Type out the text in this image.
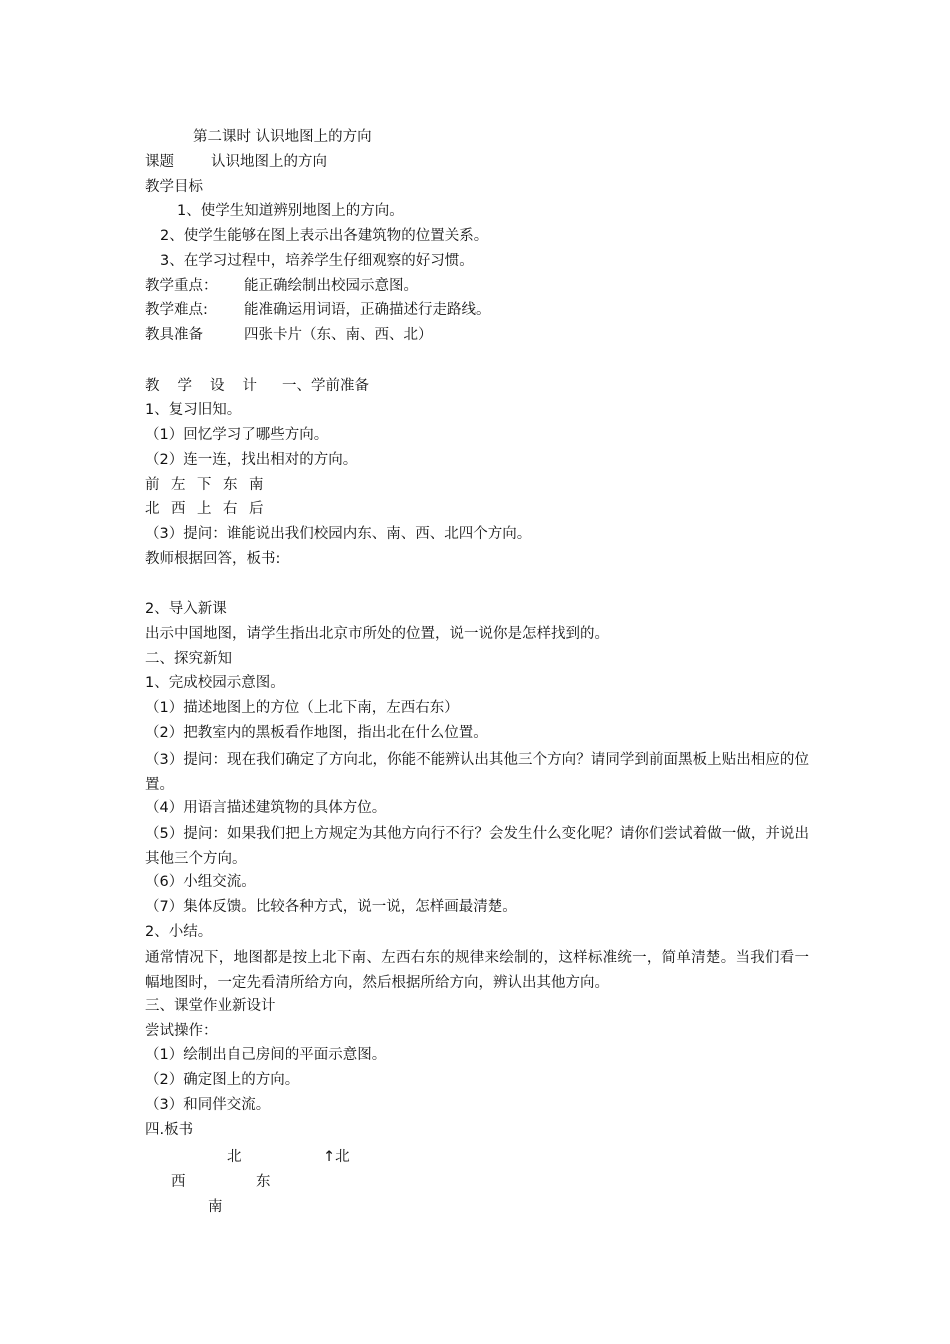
第二课时 认识地图上的方向
课题	认识地图上的方向
教学目标
1、使学生知道辨别地图上的方向。
2、使学生能够在图上表示出各建筑物的位置关系。
3、在学习过程中，培养学生仔细观察的好习惯。
教学重点： 能正确绘制出校园示意图。
教学难点: 能准确运用词语，正确描述行走路线。
教具准备	四张卡片（东、南、西、北）
教学设计 一、学前准备
1、复习旧知。
（1）回忆学习了哪些方向。
（2）连一连，找出相对的方向。
前 左 下 东 南
北 西 上 右 后
（3）提问：谁能说出我们校园内东、南、西、北四个方向。
教师根据回答，板书:
2、导入新课
出示中国地图，请学生指出北京市所处的位置，说一说你是怎样找到的。
二、探究新知
1、完成校园示意图。
（1）描述地图上的方位（上北下南，左西右东）
（2）把教室内的黑板看作地图，指出北在什么位置。
（3）提问：现在我们确定了方向北，你能不能辨认出其他三个方向？请同学到前面黑板上贴出相应的位置。
（4）用语言描述建筑物的具体方位。
（5）提问：如果我们把上方规定为其他方向行不行？会发生什么变化呢？请你们尝试着做一做，并说出其他三个方向。
（6）小组交流。
（7）集体反馈。比较各种方式，说一说，怎样画最清楚。
2、小结。
通常情况下，地图都是按上北下南、左西右东的规律来绘制的，这样标准统一，简单清楚。当我们看一幅地图时，一定先看清所给方向，然后根据所给方向，辨认出其他方向。
三、课堂作业新设计
尝试操作：
（1）绘制出自己房间的平面示意图。
（2）确定图上的方向。
（3）和同伴交流。
四.板书
北	↑北
西	东
南
